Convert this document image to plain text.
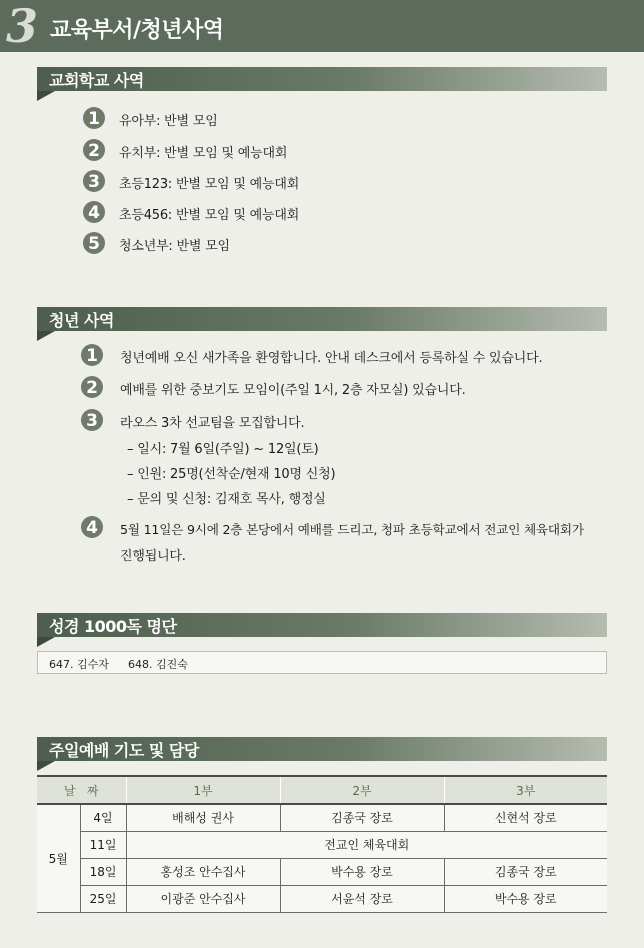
3 교육부서/청년사역
교회학교 사역
1 유아부: 반별 모임
2 유치부: 반별 모임 및 예능대회
3 초등123: 반별 모임 및 예능대회
4 초등456: 반별 모임 및 예능대회
5 청소년부: 반별 모임
청년 사역
1 청년예배 오신 새가족을 환영합니다. 안내 데스크에서 등록하실 수 있습니다.
2 예배를 위한 중보기도 모임이(주일 1시, 2층 자모실) 있습니다.
3 라오스 3차 선교팀을 모집합니다.
– 일시: 7월 6일(주일) ~ 12일(토)
– 인원: 25명(선착순/현재 10명 신청)
– 문의 및 신청: 김재호 목사, 행정실
4 5월 11일은 9시에 2층 본당에서 예배를 드리고, 청파 초등학교에서 전교인 체육대회가
진행됩니다.
성경 1000독 명단
647. 김수자 648. 김진숙
주일예배 기도 및 담당
날   짜		1부	2부	3부
5월	4일	배해성 권사	김종국 장로	신현석 장로
	11일	전교인 체육대회		
	18일	홍성조 안수집사	박수용 장로	김종국 장로
	25일	이광준 안수집사	서윤석 장로	박수용 장로
